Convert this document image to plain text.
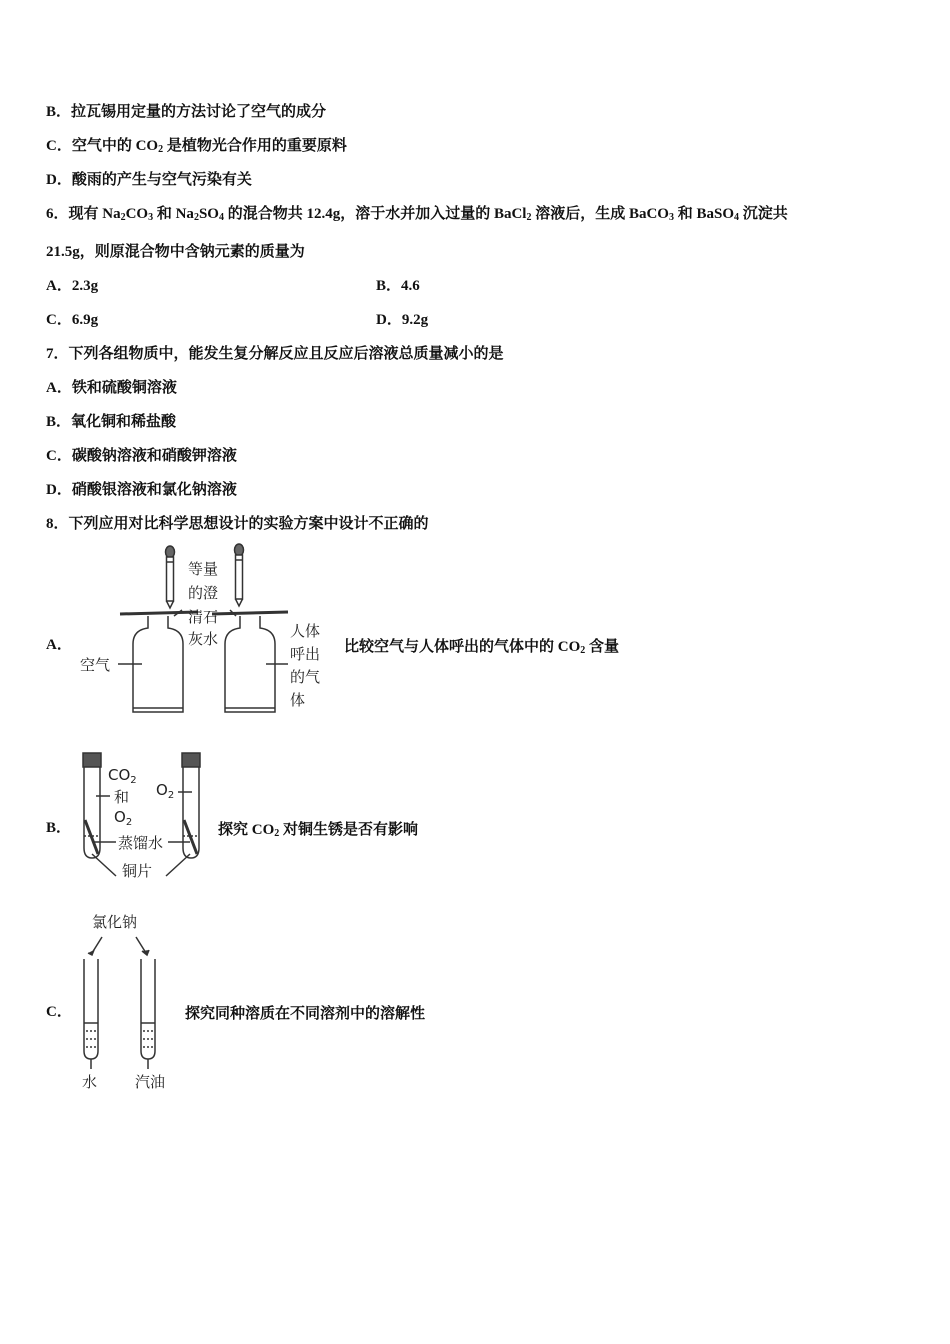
B．拉瓦锡用定量的方法讨论了空气的成分
C．空气中的 $CO_2$ 是植物光合作用的重要原料
D．酸雨的产生与空气污染有关
6．现有 $Na_2CO_3$ 和 $Na_2SO_4$ 的混合物共 12.4g，溶于水并加入过量的 BaCl$_2$ 溶液后，生成 BaCO$_3$ 和 BaSO$_4$ 沉淀共
21.5g，则原混合物中含钠元素的质量为
A．2.3g	B．4.6
C．6.9g	D．9.2g
7．下列各组物质中，能发生复分解反应且反应后溶液总质量减小的是
A．铁和硫酸铜溶液
B．氧化铜和稀盐酸
C．碳酸钠溶液和硝酸钾溶液
D．硝酸银溶液和氯化钠溶液
8．下列应用对比科学思想设计的实验方案中设计不正确的
A．
等量
的澄
清石
灰水
空气
人体
呼出
的气
体
比较空气与人体呼出的气体中的 $CO_2$ 含量
B．
$CO_2$
和
$O_2$
$O_2$
蒸馏水
铜片
探究 $CO_2$ 对铜生锈是否有影响
C．
氯化钠
水	汽油
探究同种溶质在不同溶剂中的溶解性
